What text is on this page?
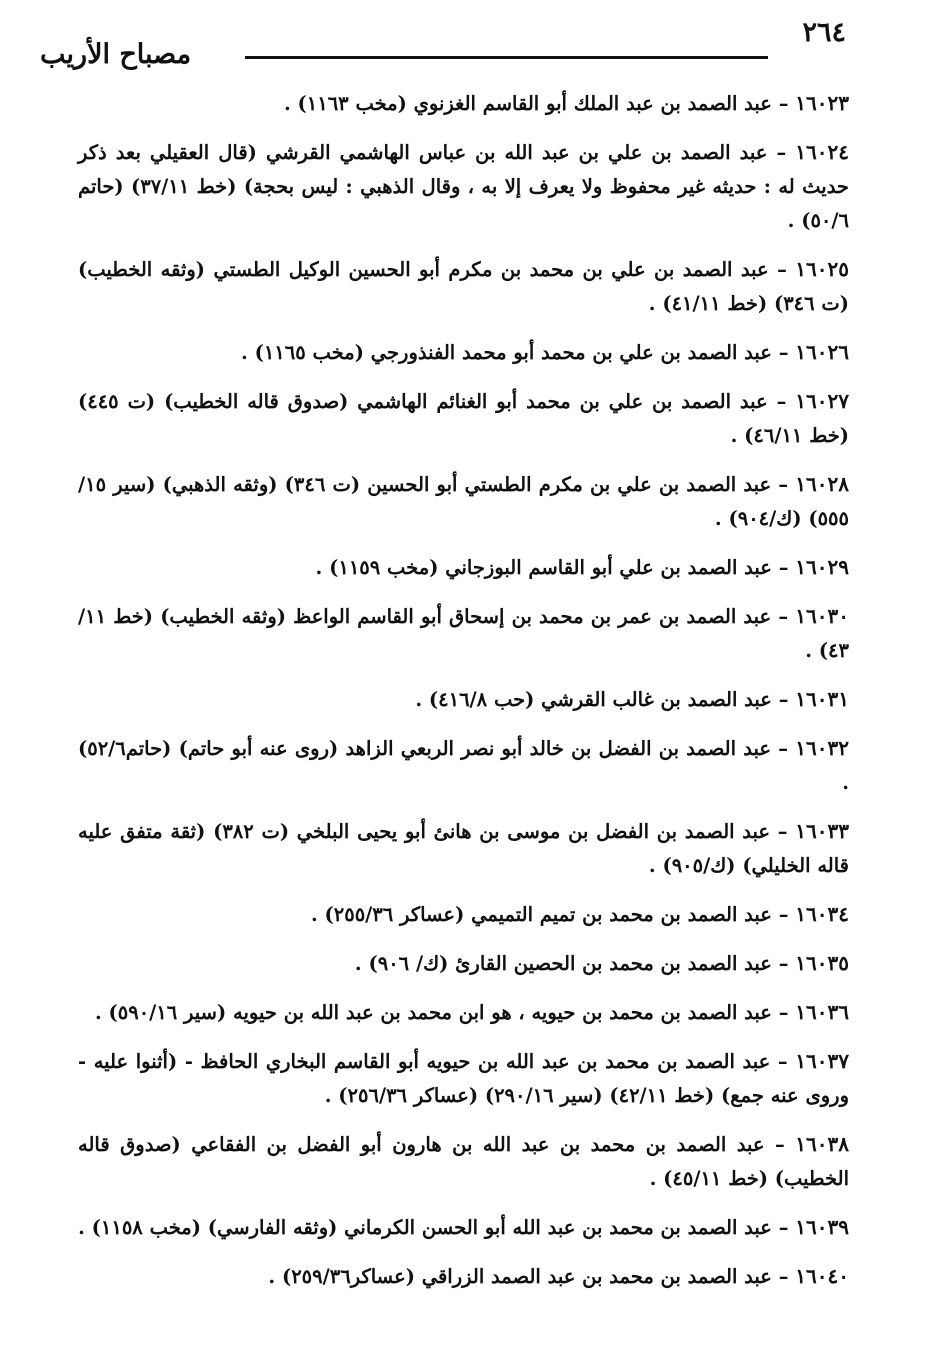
٢٦٤
مصباح الأريب
١٦٠٢٣ – عبد الصمد بن عبد الملك أبو القاسم الغزنوي (مخب ١١٦٣) .
١٦٠٢٤ – عبد الصمد بن علي بن عبد الله بن عباس الهاشمي القرشي (قال العقيلي بعد ذكر حديث له : حديثه غير محفوظ ولا يعرف إلا به ، وقال الذهبي : ليس بحجة) (خط ٣٧/١١) (حاتم ٥٠/٦) .
١٦٠٢٥ – عبد الصمد بن علي بن محمد بن مكرم أبو الحسين الوكيل الطستي (وثقه الخطيب) (ت ٣٤٦) (خط ٤١/١١) .
١٦٠٢٦ – عبد الصمد بن علي بن محمد أبو محمد الفنذورجي (مخب ١١٦٥) .
١٦٠٢٧ – عبد الصمد بن علي بن محمد أبو الغنائم الهاشمي (صدوق قاله الخطيب) (ت ٤٤٥) (خط ٤٦/١١) .
١٦٠٢٨ – عبد الصمد بن علي بن مكرم الطستي أبو الحسين (ت ٣٤٦) (وثقه الذهبي) (سير ١٥/ ٥٥٥) (ك/٩٠٤) .
١٦٠٢٩ – عبد الصمد بن علي أبو القاسم البوزجاني (مخب ١١٥٩) .
١٦٠٣٠ – عبد الصمد بن عمر بن محمد بن إسحاق أبو القاسم الواعظ (وثقه الخطيب) (خط ١١/ ٤٣) .
١٦٠٣١ – عبد الصمد بن غالب القرشي (حب ٤١٦/٨) .
١٦٠٣٢ – عبد الصمد بن الفضل بن خالد أبو نصر الربعي الزاهد (روى عنه أبو حاتم) (حاتم٥٢/٦) .
١٦٠٣٣ – عبد الصمد بن الفضل بن موسى بن هانئ أبو يحيى البلخي (ت ٣٨٢) (ثقة متفق عليه قاله الخليلي) (ك/٩٠٥) .
١٦٠٣٤ – عبد الصمد بن محمد بن تميم التميمي (عساكر ٢٥٥/٣٦) .
١٦٠٣٥ – عبد الصمد بن محمد بن الحصين القارئ (ك/ ٩٠٦) .
١٦٠٣٦ – عبد الصمد بن محمد بن حيويه ، هو ابن محمد بن عبد الله بن حيويه (سير ٥٩٠/١٦) .
١٦٠٣٧ – عبد الصمد بن محمد بن عبد الله بن حيويه أبو القاسم البخاري الحافظ - (أثنوا عليه - وروى عنه جمع) (خط ٤٢/١١) (سير ٢٩٠/١٦) (عساكر ٢٥٦/٣٦) .
١٦٠٣٨ – عبد الصمد بن محمد بن عبد الله بن هارون أبو الفضل بن الفقاعي (صدوق قاله الخطيب) (خط ٤٥/١١) .
١٦٠٣٩ – عبد الصمد بن محمد بن عبد الله أبو الحسن الكرماني (وثقه الفارسي) (مخب ١١٥٨) .
١٦٠٤٠ – عبد الصمد بن محمد بن عبد الصمد الزراقي (عساكر٢٥٩/٣٦) .
